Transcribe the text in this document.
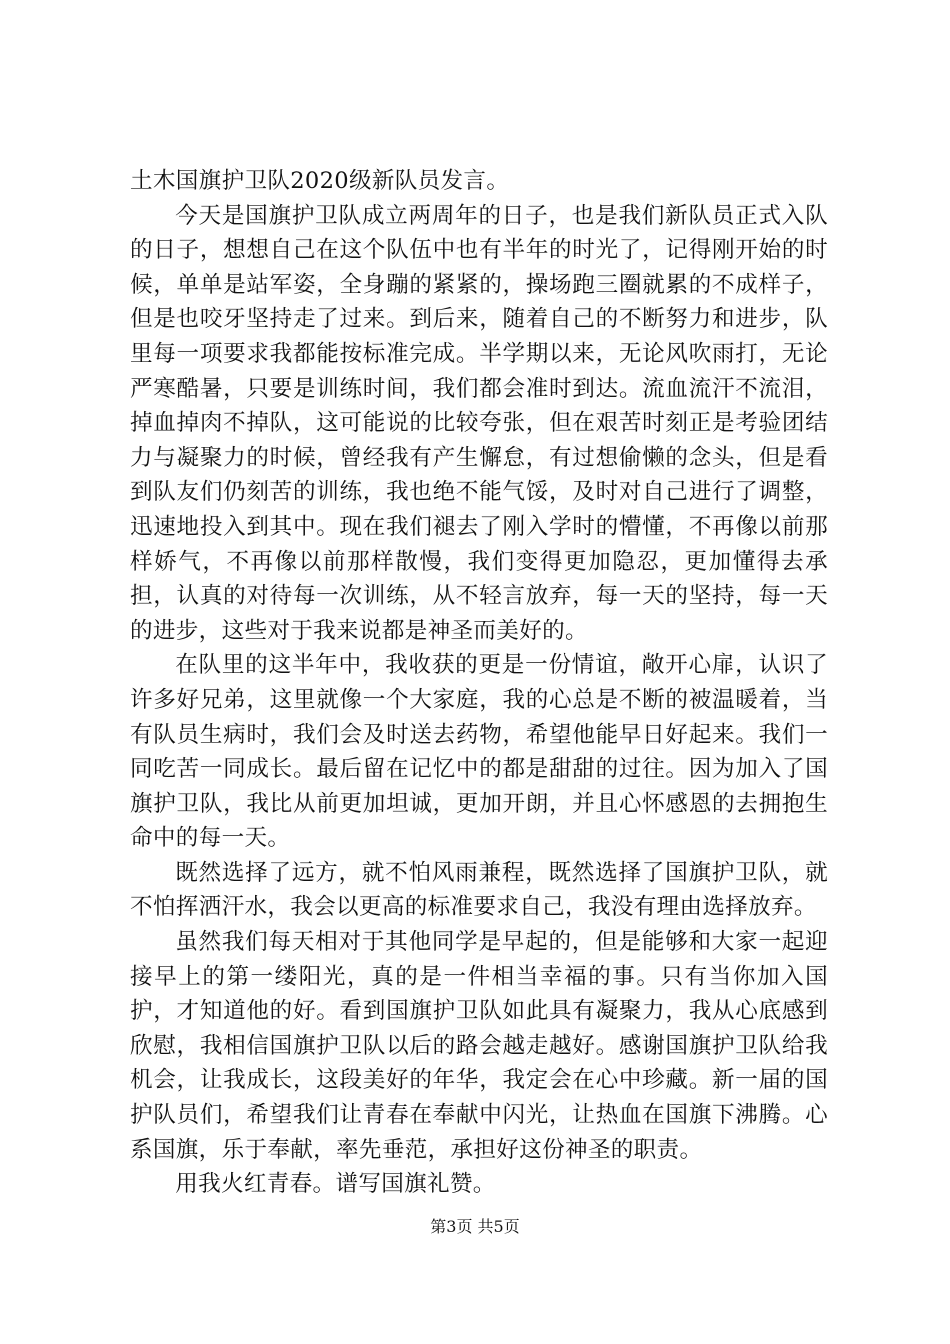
土木国旗护卫队2020级新队员发言。

今天是国旗护卫队成立两周年的日子，也是我们新队员正式入队的日子，想想自己在这个队伍中也有半年的时光了，记得刚开始的时候，单单是站军姿，全身蹦的紧紧的，操场跑三圈就累的不成样子，但是也咬牙坚持走了过来。到后来，随着自己的不断努力和进步，队里每一项要求我都能按标准完成。半学期以来，无论风吹雨打，无论严寒酷暑，只要是训练时间，我们都会准时到达。流血流汗不流泪，掉血掉肉不掉队，这可能说的比较夸张，但在艰苦时刻正是考验团结力与凝聚力的时候，曾经我有产生懈怠，有过想偷懒的念头，但是看到队友们仍刻苦的训练，我也绝不能气馁，及时对自己进行了调整，迅速地投入到其中。现在我们褪去了刚入学时的懵懂，不再像以前那样娇气，不再像以前那样散慢，我们变得更加隐忍，更加懂得去承担，认真的对待每一次训练，从不轻言放弃，每一天的坚持，每一天的进步，这些对于我来说都是神圣而美好的。

在队里的这半年中，我收获的更是一份情谊，敞开心扉，认识了许多好兄弟，这里就像一个大家庭，我的心总是不断的被温暖着，当有队员生病时，我们会及时送去药物，希望他能早日好起来。我们一同吃苦一同成长。最后留在记忆中的都是甜甜的过往。因为加入了国旗护卫队，我比从前更加坦诚，更加开朗，并且心怀感恩的去拥抱生命中的每一天。

既然选择了远方，就不怕风雨兼程，既然选择了国旗护卫队，就不怕挥洒汗水，我会以更高的标准要求自己，我没有理由选择放弃。

虽然我们每天相对于其他同学是早起的，但是能够和大家一起迎接早上的第一缕阳光，真的是一件相当幸福的事。只有当你加入国护，才知道他的好。看到国旗护卫队如此具有凝聚力，我从心底感到欣慰，我相信国旗护卫队以后的路会越走越好。感谢国旗护卫队给我机会，让我成长，这段美好的年华，我定会在心中珍藏。新一届的国护队员们，希望我们让青春在奉献中闪光，让热血在国旗下沸腾。心系国旗，乐于奉献，率先垂范，承担好这份神圣的职责。

用我火红青春。谱写国旗礼赞。

第3页 共5页
